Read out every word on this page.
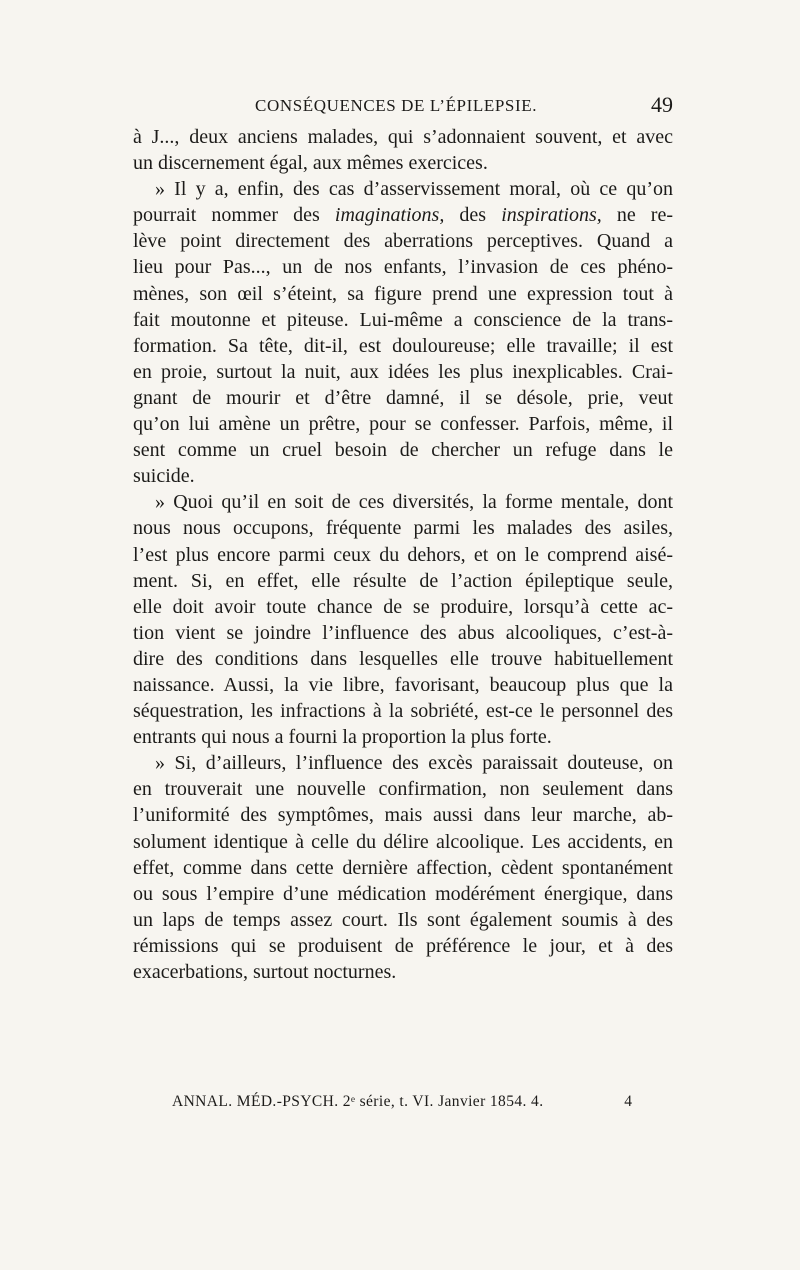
CONSÉQUENCES DE L’ÉPILEPSIE.	49
à J..., deux anciens malades, qui s’adonnaient souvent, et avec
un discernement égal, aux mêmes exercices.
» Il y a, enfin, des cas d’asservissement moral, où ce qu’on
pourrait nommer des imaginations, des inspirations, ne re-
lève point directement des aberrations perceptives. Quand a
lieu pour Pas..., un de nos enfants, l’invasion de ces phéno-
mènes, son œil s’éteint, sa figure prend une expression tout à
fait moutonne et piteuse. Lui-même a conscience de la trans-
formation. Sa tête, dit-il, est douloureuse; elle travaille; il est
en proie, surtout la nuit, aux idées les plus inexplicables. Crai-
gnant de mourir et d’être damné, il se désole, prie, veut
qu’on lui amène un prêtre, pour se confesser. Parfois, même, il
sent comme un cruel besoin de chercher un refuge dans le
suicide.
» Quoi qu’il en soit de ces diversités, la forme mentale, dont
nous nous occupons, fréquente parmi les malades des asiles,
l’est plus encore parmi ceux du dehors, et on le comprend aisé-
ment. Si, en effet, elle résulte de l’action épileptique seule,
elle doit avoir toute chance de se produire, lorsqu’à cette ac-
tion vient se joindre l’influence des abus alcooliques, c’est-à-
dire des conditions dans lesquelles elle trouve habituellement
naissance. Aussi, la vie libre, favorisant, beaucoup plus que la
séquestration, les infractions à la sobriété, est-ce le personnel des
entrants qui nous a fourni la proportion la plus forte.
» Si, d’ailleurs, l’influence des excès paraissait douteuse, on
en trouverait une nouvelle confirmation, non seulement dans
l’uniformité des symptômes, mais aussi dans leur marche, ab-
solument identique à celle du délire alcoolique. Les accidents, en
effet, comme dans cette dernière affection, cèdent spontanément
ou sous l’empire d’une médication modérément énergique, dans
un laps de temps assez court. Ils sont également soumis à des
rémissions qui se produisent de préférence le jour, et à des
exacerbations, surtout nocturnes.
ANNAL. MÉD.-PSYCH. 2ᵉ série, t. VI. Janvier 1854. 4.	4
